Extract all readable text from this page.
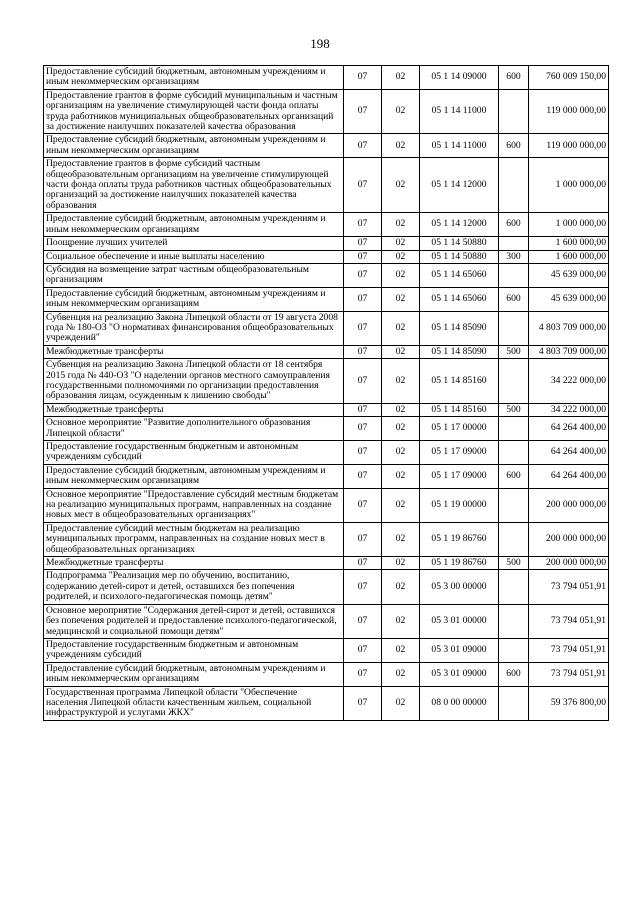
198
Предоставление субсидий бюджетным, автономным учреждениям и иным некоммерческим организациям	07	02	05 1 14 09000	600	760 009 150,00
Предоставление грантов в форме субсидий муниципальным и частным организациям на увеличение стимулирующей части фонда оплаты труда работников муниципальных общеобразовательных организаций за достижение наилучших показателей качества образования	07	02	05 1 14 11000		119 000 000,00
Предоставление субсидий бюджетным, автономным учреждениям и иным некоммерческим организациям	07	02	05 1 14 11000	600	119 000 000,00
Предоставление грантов в форме субсидий частным общеобразовательным организациям на увеличение стимулирующей части фонда оплаты труда работников частных общеобразовательных организаций за достижение наилучших показателей качества образования	07	02	05 1 14 12000		1 000 000,00
Предоставление субсидий бюджетным, автономным учреждениям и иным некоммерческим организациям	07	02	05 1 14 12000	600	1 000 000,00
Поощрение лучших учителей	07	02	05 1 14 50880		1 600 000,00
Социальное обеспечение и иные выплаты населению	07	02	05 1 14 50880	300	1 600 000,00
Субсидия на возмещение затрат частным общеобразовательным организациям	07	02	05 1 14 65060		45 639 000,00
Предоставление субсидий бюджетным, автономным учреждениям и иным некоммерческим организациям	07	02	05 1 14 65060	600	45 639 000,00
Субвенция на реализацию Закона Липецкой области от 19 августа 2008 года № 180-ОЗ "О нормативах финансирования общеобразовательных учреждений"	07	02	05 1 14 85090		4 803 709 000,00
Межбюджетные трансферты	07	02	05 1 14 85090	500	4 803 709 000,00
Субвенция на реализацию Закона Липецкой области от 18 сентября 2015 года № 440-ОЗ "О наделении органов местного самоуправления государственными полномочиями по организации предоставления образования лицам, осужденным к лишению свободы"	07	02	05 1 14 85160		34 222 000,00
Межбюджетные трансферты	07	02	05 1 14 85160	500	34 222 000,00
Основное мероприятие "Развитие дополнительного образования Липецкой области"	07	02	05 1 17 00000		64 264 400,00
Предоставление государственным бюджетным и автономным учреждениям субсидий	07	02	05 1 17 09000		64 264 400,00
Предоставление субсидий бюджетным, автономным учреждениям и иным некоммерческим организациям	07	02	05 1 17 09000	600	64 264 400,00
Основное мероприятие "Предоставление субсидий местным бюджетам на реализацию муниципальных программ, направленных на создание новых мест в общеобразовательных организациях"	07	02	05 1 19 00000		200 000 000,00
Предоставление субсидий местным бюджетам на реализацию муниципальных программ, направленных на создание новых мест в общеобразовательных организациях	07	02	05 1 19 86760		200 000 000,00
Межбюджетные трансферты	07	02	05 1 19 86760	500	200 000 000,00
Подпрограмма "Реализация мер по обучению, воспитанию, содержанию детей-сирот и детей, оставшихся без попечения родителей, и психолого-педагогическая помощь детям"	07	02	05 3 00 00000		73 794 051,91
Основное мероприятие "Содержания детей-сирот и детей, оставшихся без попечения родителей и предоставление психолого-педагогической, медицинской и социальной помощи детям"	07	02	05 3 01 00000		73 794 051,91
Предоставление государственным бюджетным и автономным учреждениям субсидий	07	02	05 3 01 09000		73 794 051,91
Предоставление субсидий бюджетным, автономным учреждениям и иным некоммерческим организациям	07	02	05 3 01 09000	600	73 794 051,91
Государственная программа Липецкой области "Обеспечение населения Липецкой области качественным жильем, социальной инфраструктурой и услугами ЖКХ"	07	02	08 0 00 00000		59 376 800,00
